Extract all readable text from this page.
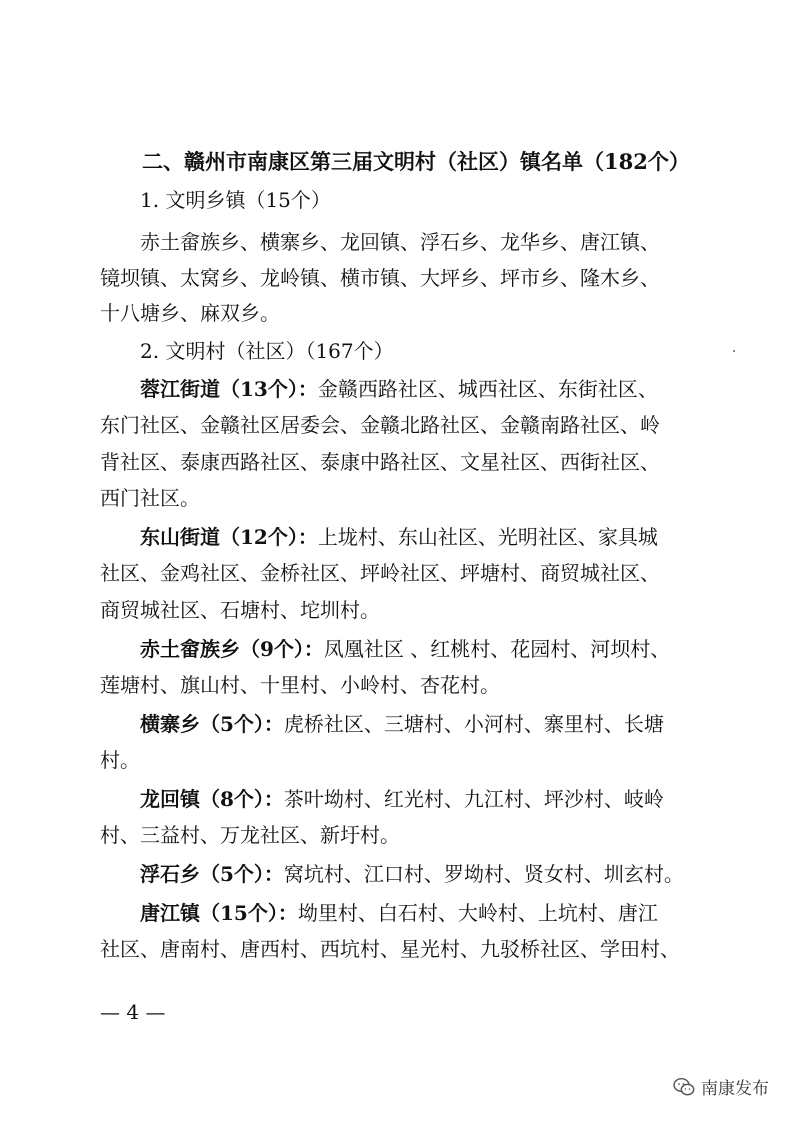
二、赣州市南康区第三届文明村（社区）镇名单（182个）
1. 文明乡镇（15个）
赤土畲族乡、横寨乡、龙回镇、浮石乡、龙华乡、唐江镇、
镜坝镇、太窝乡、龙岭镇、横市镇、大坪乡、坪市乡、隆木乡、
十八塘乡、麻双乡。
2. 文明村（社区）（167个）
蓉江街道（13个）：金赣西路社区、城西社区、东街社区、
东门社区、金赣社区居委会、金赣北路社区、金赣南路社区、岭
背社区、泰康西路社区、泰康中路社区、文星社区、西街社区、
西门社区。
东山街道（12个）：上垅村、东山社区、光明社区、家具城
社区、金鸡社区、金桥社区、坪岭社区、坪塘村、商贸城社区、
商贸城社区、石塘村、坨圳村。
赤土畲族乡（9个）：凤凰社区 、红桃村、花园村、河坝村、
莲塘村、旗山村、十里村、小岭村、杏花村。
横寨乡（5个）：虎桥社区、三塘村、小河村、寨里村、长塘
村。
龙回镇（8个）：茶叶坳村、红光村、九江村、坪沙村、岐岭
村、三益村、万龙社区、新圩村。
浮石乡（5个）：窝坑村、江口村、罗坳村、贤女村、圳玄村。
唐江镇（15个）：坳里村、白石村、大岭村、上坑村、唐江
社区、唐南村、唐西村、西坑村、星光村、九驳桥社区、学田村、
— 4 —
南康发布
